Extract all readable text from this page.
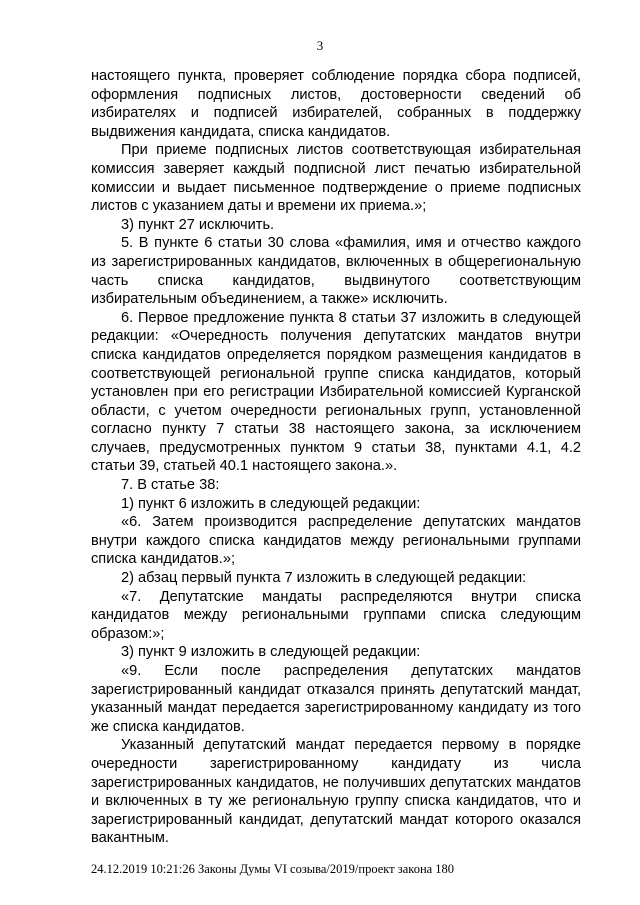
3

настоящего пункта, проверяет соблюдение порядка сбора подписей, оформления подписных листов, достоверности сведений об избирателях и подписей избирателей, собранных в поддержку выдвижения кандидата, списка кандидатов.

При приеме подписных листов соответствующая избирательная комиссия заверяет каждый подписной лист печатью избирательной комиссии и выдает письменное подтверждение о приеме подписных листов с указанием даты и времени их приема.»;

3) пункт 27 исключить.

5. В пункте 6 статьи 30 слова «фамилия, имя и отчество каждого из зарегистрированных кандидатов, включенных в общерегиональную часть списка кандидатов, выдвинутого соответствующим избирательным объединением, а также» исключить.

6. Первое предложение пункта 8 статьи 37 изложить в следующей редакции: «Очередность получения депутатских мандатов внутри списка кандидатов определяется порядком размещения кандидатов в соответствующей региональной группе списка кандидатов, который установлен при его регистрации Избирательной комиссией Курганской области, с учетом очередности региональных групп, установленной согласно пункту 7 статьи 38 настоящего закона, за исключением случаев, предусмотренных пунктом 9 статьи 38, пунктами 4.1, 4.2 статьи 39, статьей 40.1 настоящего закона.».

7. В статье 38:

1) пункт 6 изложить в следующей редакции:

«6. Затем производится распределение депутатских мандатов внутри каждого списка кандидатов между региональными группами списка кандидатов.»;

2) абзац первый пункта 7 изложить в следующей редакции:

«7. Депутатские мандаты распределяются внутри списка кандидатов между региональными группами списка следующим образом:»;

3) пункт 9 изложить в следующей редакции:

«9. Если после распределения депутатских мандатов зарегистрированный кандидат отказался принять депутатский мандат, указанный мандат передается зарегистрированному кандидату из того же списка кандидатов.

Указанный депутатский мандат передается первому в порядке очередности зарегистрированному кандидату из числа зарегистрированных кандидатов, не получивших депутатских мандатов и включенных в ту же региональную группу списка кандидатов, что и зарегистрированный кандидат, депутатский мандат которого оказался вакантным.

24.12.2019 10:21:26 Законы Думы VI созыва/2019/проект закона 180
